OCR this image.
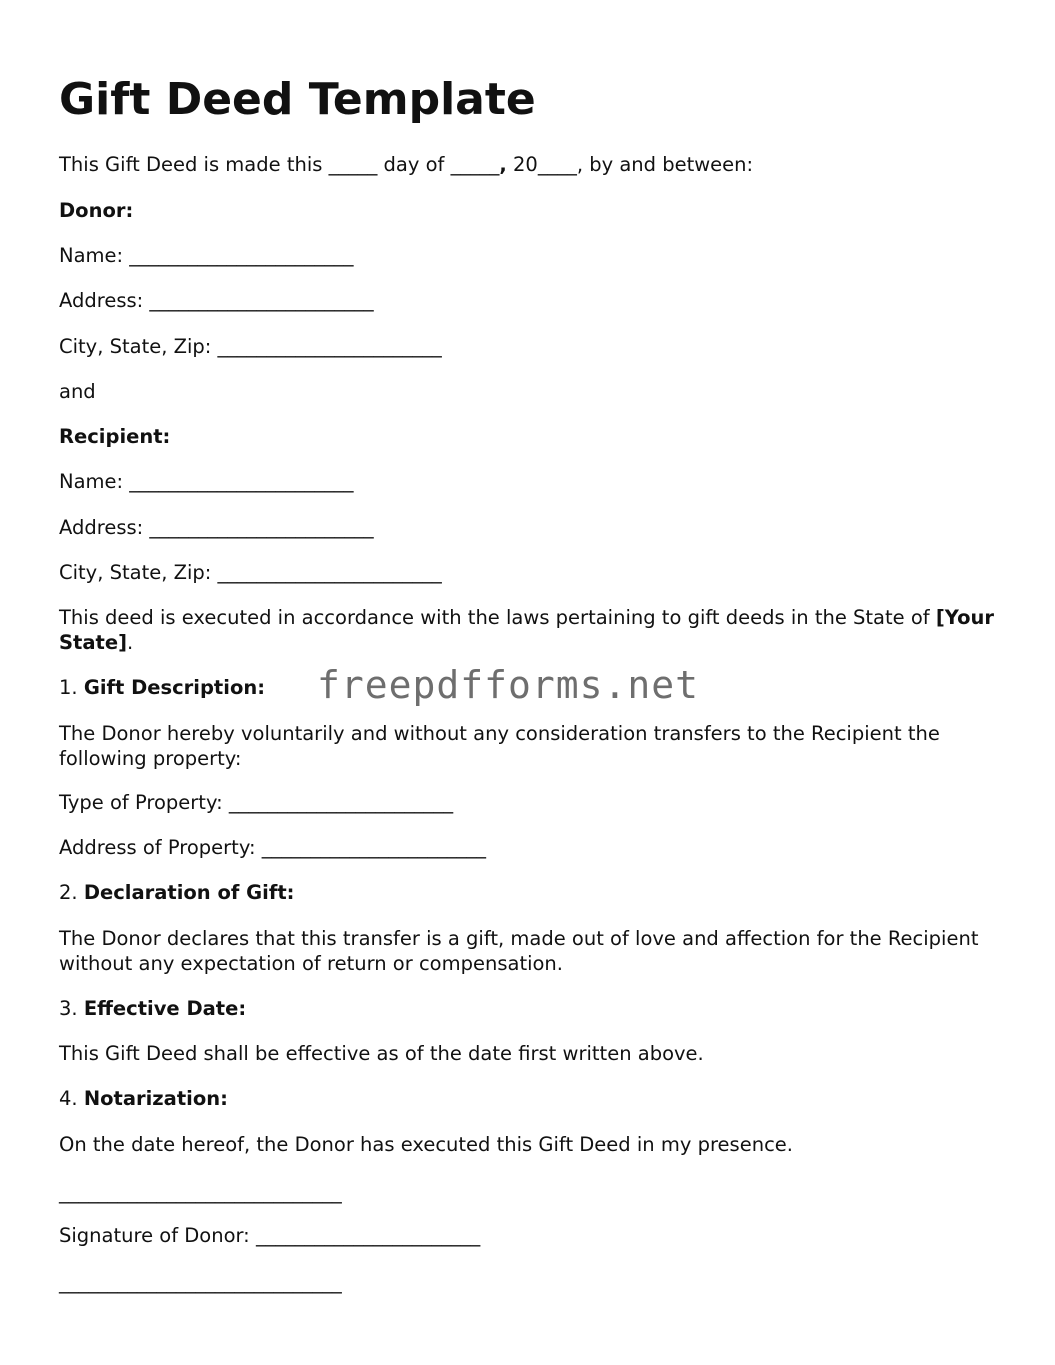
Gift Deed Template
This Gift Deed is made this _____ day of _____, 20____, by and between:
Donor:
Name: _______________________
Address: _______________________
City, State, Zip: _______________________
and
Recipient:
Name: _______________________
Address: _______________________
City, State, Zip: _______________________
This deed is executed in accordance with the laws pertaining to gift deeds in the State of [Your State].
1. Gift Description: freepdfforms.net
The Donor hereby voluntarily and without any consideration transfers to the Recipient the following property:
Type of Property: _______________________
Address of Property: _______________________
2. Declaration of Gift:
The Donor declares that this transfer is a gift, made out of love and affection for the Recipient without any expectation of return or compensation.
3. Effective Date:
This Gift Deed shall be effective as of the date first written above.
4. Notarization:
On the date hereof, the Donor has executed this Gift Deed in my presence.
_____________________________
Signature of Donor: _______________________
_____________________________
